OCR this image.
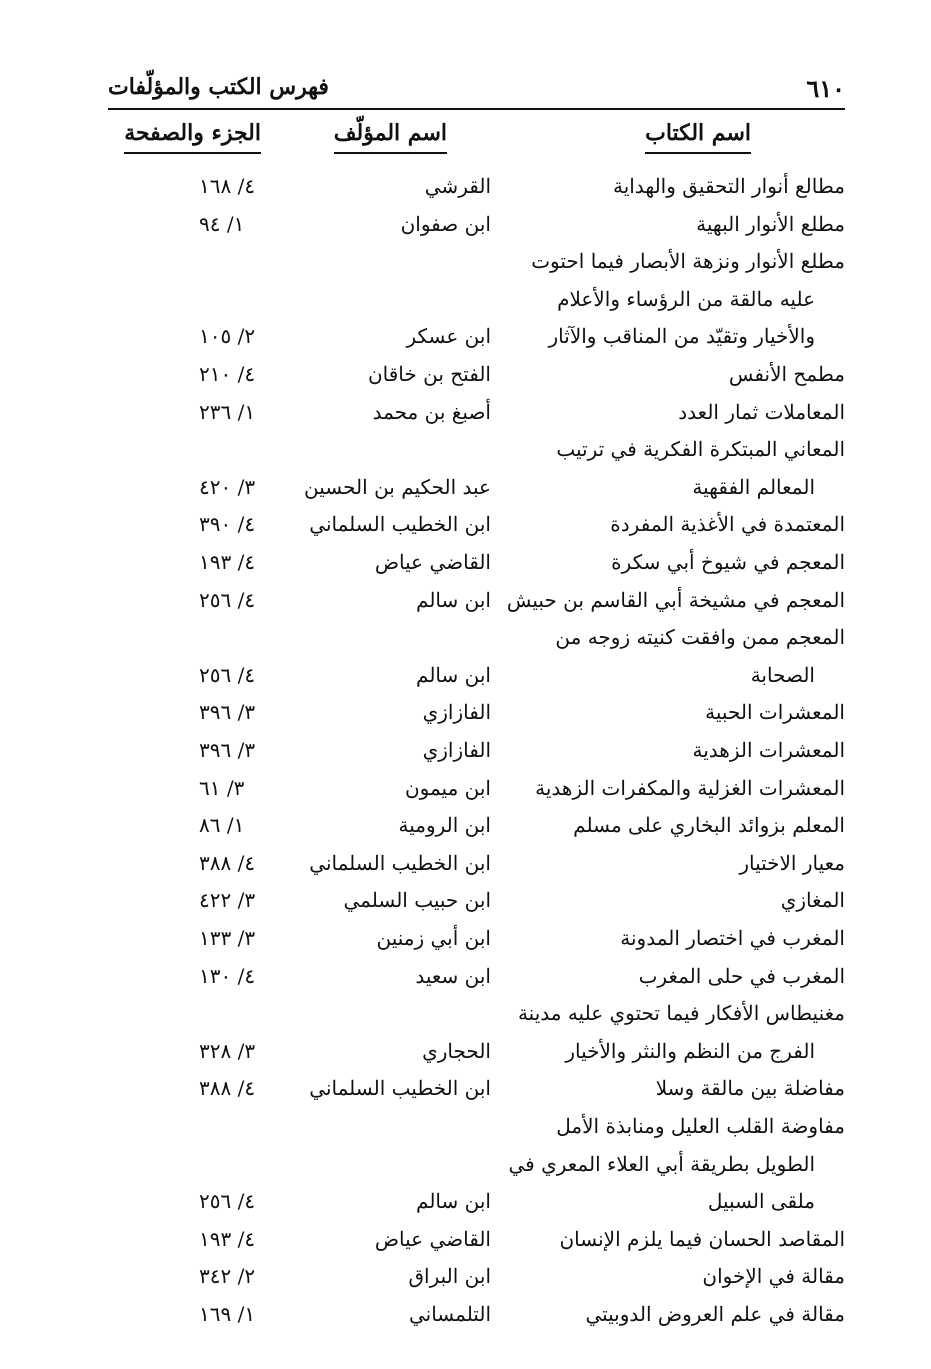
٦١٠
فهرس الكتب والمؤلّفات
اسم الكتاب
اسم المؤلّف
الجزء والصفحة
مطالع أنوار التحقيق والهداية
القرشي
٤/ ١٦٨
مطلع الأنوار البهية
ابن صفوان
١/ ٩٤
مطلع الأنوار ونزهة الأبصار فيما احتوت
عليه مالقة من الرؤساء والأعلام
والأخيار وتقيّد من المناقب والآثار
ابن عسكر
٢/ ١٠٥
مطمح الأنفس
الفتح بن خاقان
٤/ ٢١٠
المعاملات ثمار العدد
أصبغ بن محمد
١/ ٢٣٦
المعاني المبتكرة الفكرية في ترتيب
المعالم الفقهية
عبد الحكيم بن الحسين
٣/ ٤٢٠
المعتمدة في الأغذية المفردة
ابن الخطيب السلماني
٤/ ٣٩٠
المعجم في شيوخ أبي سكرة
القاضي عياض
٤/ ١٩٣
المعجم في مشيخة أبي القاسم بن حبيش
ابن سالم
٤/ ٢٥٦
المعجم ممن وافقت كنيته زوجه من
الصحابة
ابن سالم
٤/ ٢٥٦
المعشرات الحبية
الفازازي
٣/ ٣٩٦
المعشرات الزهدية
الفازازي
٣/ ٣٩٦
المعشرات الغزلية والمكفرات الزهدية
ابن ميمون
٣/ ٦١
المعلم بزوائد البخاري على مسلم
ابن الرومية
١/ ٨٦
معيار الاختيار
ابن الخطيب السلماني
٤/ ٣٨٨
المغازي
ابن حبيب السلمي
٣/ ٤٢٢
المغرب في اختصار المدونة
ابن أبي زمنين
٣/ ١٣٣
المغرب في حلى المغرب
ابن سعيد
٤/ ١٣٠
مغنيطاس الأفكار فيما تحتوي عليه مدينة
الفرج من النظم والنثر والأخيار
الحجاري
٣/ ٣٢٨
مفاضلة بين مالقة وسلا
ابن الخطيب السلماني
٤/ ٣٨٨
مفاوضة القلب العليل ومنابذة الأمل
الطويل بطريقة أبي العلاء المعري في
ملقى السبيل
ابن سالم
٤/ ٢٥٦
المقاصد الحسان فيما يلزم الإنسان
القاضي عياض
٤/ ١٩٣
مقالة في الإخوان
ابن البراق
٢/ ٣٤٢
مقالة في علم العروض الدوبيتي
التلمساني
١/ ١٦٩
